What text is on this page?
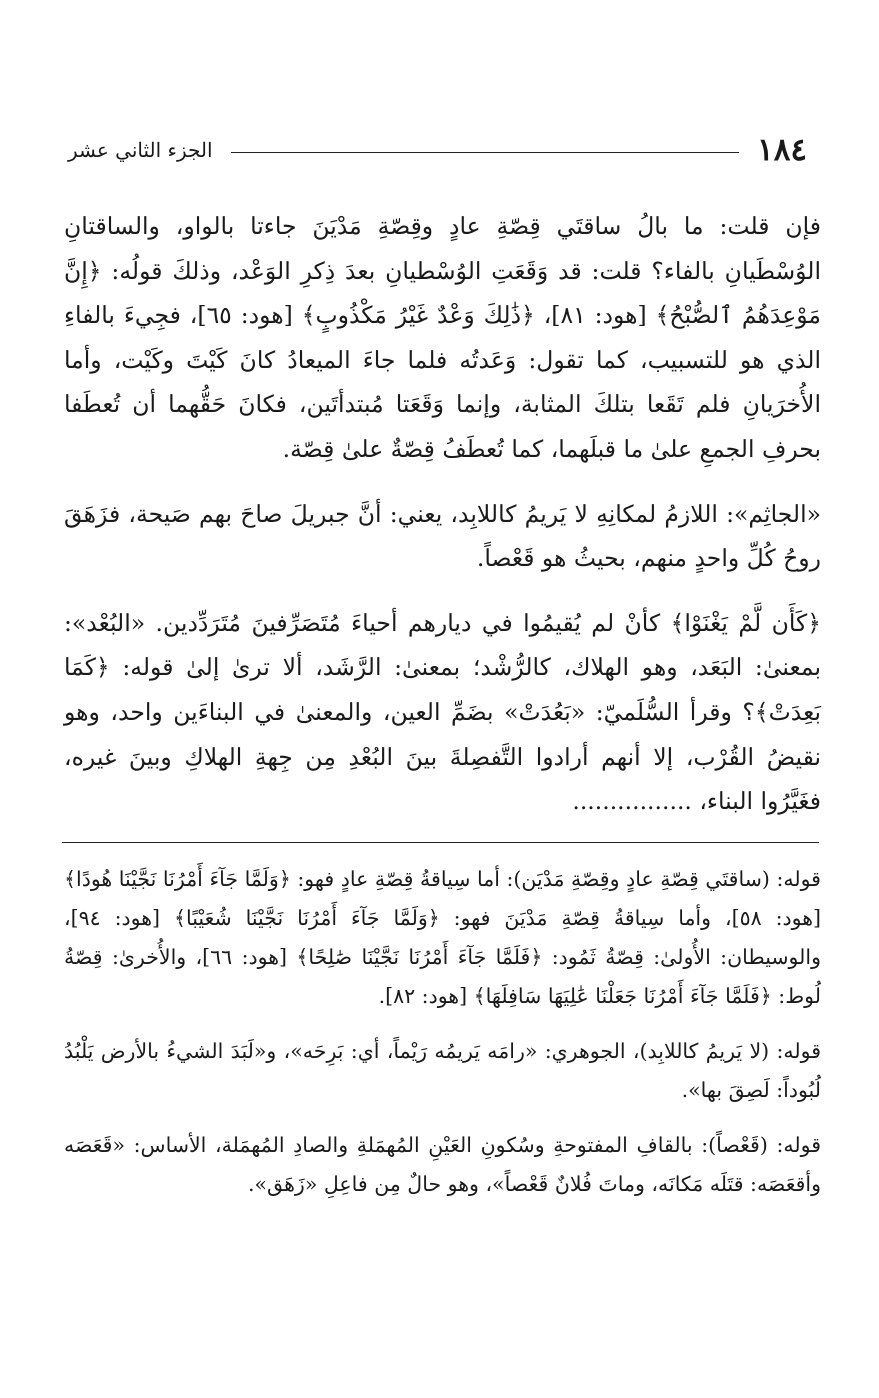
١٨٤
الجزء الثاني عشر

فإن قلت: ما بالُ ساقتَي قِصّةِ عادٍ وقِصّةِ مَدْيَنَ جاءتا بالواو، والساقتانِ الوُسْطَيانِ بالفاء؟ قلت: قد وَقَعَتِ الوُسْطيانِ بعدَ ذِكرِ الوَعْد، وذلكَ قولُه: ﴿إِنَّ مَوْعِدَهُمُ ٱلصُّبْحُ﴾ [هود: ٨١]، ﴿ذَٰلِكَ وَعْدٌ غَيْرُ مَكْذُوبٍ﴾ [هود: ٦٥]، فجِيءَ بالفاءِ الذي هو للتسبيب، كما تقول: وَعَدتُه فلما جاءَ الميعادُ كانَ كَيْتَ وكَيْت، وأما الأُخرَيانِ فلم تَقَعا بتلكَ المثابة، وإنما وَقَعَتا مُبتدأتَين، فكانَ حَقُّهما أن تُعطَفا بحرفِ الجمعِ علىٰ ما قبلَهما، كما تُعطَفُ قِصّةٌ علىٰ قِصّة.

«الجاثِم»: اللازمُ لمكانِهِ لا يَريمُ كاللابِد، يعني: أنَّ جبريلَ صاحَ بهم صَيحة، فزَهَقَ روحُ كُلِّ واحدٍ منهم، بحيثُ هو قَعْصاً.

﴿كَأَن لَّمْ يَغْنَوْا﴾ كأنْ لم يُقيمُوا في ديارهم أحياءَ مُتَصَرِّفينَ مُتَرَدِّدين. «البُعْد»: بمعنىٰ: البَعَد، وهو الهلاك، كالرُّشْد؛ بمعنىٰ: الرَّشَد، ألا ترىٰ إلىٰ قوله: ﴿كَمَا بَعِدَتْ﴾؟ وقرأ السُّلَميّ: «بَعُدَتْ» بضَمِّ العين، والمعنىٰ في البناءَين واحد، وهو نقيضُ القُرْب، إلا أنهم أرادوا التَّفصِلةَ بينَ البُعْدِ مِن جِهةِ الهلاكِ وبينَ غيره، فغَيَّرُوا البناء، ................

قوله: (ساقتَي قِصّةِ عادٍ وقِصّةِ مَدْيَن): أما سِياقةُ قِصّةِ عادٍ فهو: ﴿وَلَمَّا جَآءَ أَمْرُنَا نَجَّيْنَا هُودًا﴾ [هود: ٥٨]، وأما سِياقةُ قِصّةِ مَدْيَنَ فهو: ﴿وَلَمَّا جَآءَ أَمْرُنَا نَجَّيْنَا شُعَيْبًا﴾ [هود: ٩٤]، والوسيطان: الأُولىٰ: قِصّةُ ثَمُود: ﴿فَلَمَّا جَآءَ أَمْرُنَا نَجَّيْنَا صَٰلِحًا﴾ [هود: ٦٦]، والأُخرىٰ: قِصّةُ لُوط: ﴿فَلَمَّا جَآءَ أَمْرُنَا جَعَلْنَا عَٰلِيَهَا سَافِلَهَا﴾ [هود: ٨٢].

قوله: (لا يَريمُ كاللابِد)، الجوهري: «رامَه يَريمُه رَيْماً، أي: بَرِحَه»، و«لَبَدَ الشيءُ بالأرض يَلْبُدُ لُبُوداً: لَصِقَ بها».

قوله: (قَعْصاً): بالقافِ المفتوحةِ وسُكونِ العَيْنِ المُهمَلةِ والصادِ المُهمَلة، الأساس: «قَعَصَه وأقعَصَه: قتَلَه مَكانَه، وماتَ فُلانٌ قَعْصاً»، وهو حالٌ مِن فاعِلِ «زَهَق».
